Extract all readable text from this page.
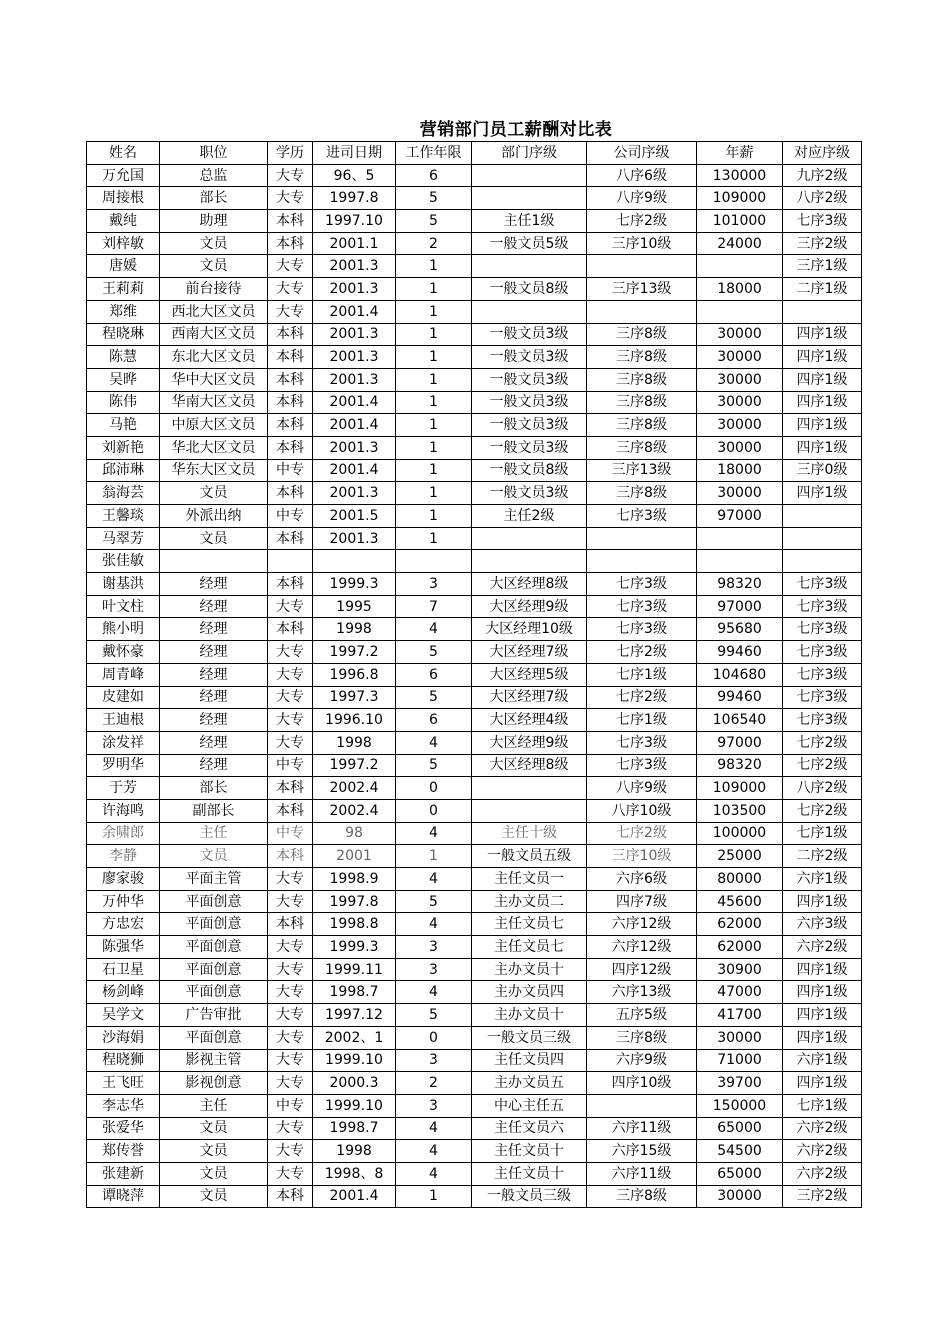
营销部门员工薪酬对比表
姓名	职位	学历	进司日期	工作年限	部门序级	公司序级	年薪	对应序级
万允国	总监	大专	96、5	6		八序6级	130000	九序2级
周接根	部长	大专	1997.8	5		八序9级	109000	八序2级
戴纯	助理	本科	1997.10	5	主任1级	七序2级	101000	七序3级
刘梓敏	文员	本科	2001.1	2	一般文员5级	三序10级	24000	三序2级
唐媛	文员	大专	2001.3	1				三序1级
王莉莉	前台接待	大专	2001.3	1	一般文员8级	三序13级	18000	二序1级
郑维	西北大区文员	大专	2001.4	1				
程晓琳	西南大区文员	本科	2001.3	1	一般文员3级	三序8级	30000	四序1级
陈慧	东北大区文员	本科	2001.3	1	一般文员3级	三序8级	30000	四序1级
吴晔	华中大区文员	本科	2001.3	1	一般文员3级	三序8级	30000	四序1级
陈伟	华南大区文员	本科	2001.4	1	一般文员3级	三序8级	30000	四序1级
马艳	中原大区文员	本科	2001.4	1	一般文员3级	三序8级	30000	四序1级
刘新艳	华北大区文员	本科	2001.3	1	一般文员3级	三序8级	30000	四序1级
邱沛琳	华东大区文员	中专	2001.4	1	一般文员8级	三序13级	18000	三序0级
翁海芸	文员	本科	2001.3	1	一般文员3级	三序8级	30000	四序1级
王馨琰	外派出纳	中专	2001.5	1	主任2级	七序3级	97000	
马翠芳	文员	本科	2001.3	1				
张佳敏								
谢基洪	经理	本科	1999.3	3	大区经理8级	七序3级	98320	七序3级
叶文柱	经理	大专	1995	7	大区经理9级	七序3级	97000	七序3级
熊小明	经理	本科	1998	4	大区经理10级	七序3级	95680	七序3级
戴怀豪	经理	大专	1997.2	5	大区经理7级	七序2级	99460	七序3级
周青峰	经理	大专	1996.8	6	大区经理5级	七序1级	104680	七序3级
皮建如	经理	大专	1997.3	5	大区经理7级	七序2级	99460	七序3级
王迪根	经理	大专	1996.10	6	大区经理4级	七序1级	106540	七序3级
涂发祥	经理	大专	1998	4	大区经理9级	七序3级	97000	七序2级
罗明华	经理	中专	1997.2	5	大区经理8级	七序3级	98320	七序2级
于芳	部长	本科	2002.4	0		八序9级	109000	八序2级
许海鸣	副部长	本科	2002.4	0		八序10级	103500	七序2级
余啸郎	主任	中专	98	4	主任十级	七序2级	100000	七序1级
李静	文员	本科	2001	1	一般文员五级	三序10级	25000	二序2级
廖家骏	平面主管	大专	1998.9	4	主任文员一	六序6级	80000	六序1级
万仲华	平面创意	大专	1997.8	5	主办文员二	四序7级	45600	四序1级
方忠宏	平面创意	本科	1998.8	4	主任文员七	六序12级	62000	六序3级
陈强华	平面创意	大专	1999.3	3	主任文员七	六序12级	62000	六序2级
石卫星	平面创意	大专	1999.11	3	主办文员十	四序12级	30900	四序1级
杨剑峰	平面创意	大专	1998.7	4	主办文员四	六序13级	47000	四序1级
吴学文	广告审批	大专	1997.12	5	主办文员十	五序5级	41700	四序1级
沙海娟	平面创意	大专	2002、1	0	一般文员三级	三序8级	30000	四序1级
程晓狮	影视主管	大专	1999.10	3	主任文员四	六序9级	71000	六序1级
王飞旺	影视创意	大专	2000.3	2	主办文员五	四序10级	39700	四序1级
李志华	主任	中专	1999.10	3	中心主任五		150000	七序1级
张爱华	文员	大专	1998.7	4	主任文员六	六序11级	65000	六序2级
郑传誉	文员	大专	1998	4	主任文员十	六序15级	54500	六序2级
张建新	文员	大专	1998、8	4	主任文员十	六序11级	65000	六序2级
谭晓萍	文员	本科	2001.4	1	一般文员三级	三序8级	30000	三序2级
